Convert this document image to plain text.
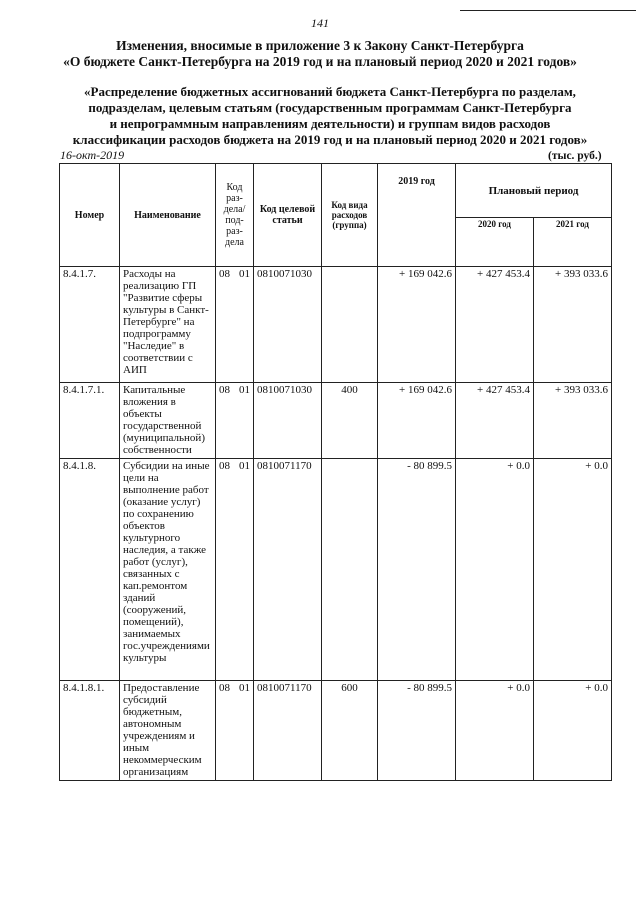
141
Изменения, вносимые в приложение 3 к Закону Санкт-Петербурга
«О бюджете Санкт-Петербурга на 2019 год и на плановый период 2020 и 2021 годов»
«Распределение бюджетных ассигнований бюджета Санкт-Петербурга по разделам,
подразделам, целевым статьям (государственным программам Санкт-Петербурга
и непрограммным направлениям деятельности) и группам видов расходов
классификации расходов бюджета на 2019 год и на плановый период 2020 и 2021 годов»
16-окт-2019	(тыс. руб.)
Номер	Наименование	Код раз- дела/ под- раз- дела	Код целевой статьи	Код вида расходов (группа)	2019 год	Плановый период	
						2020 год	2021 год
8.4.1.7.	Расходы на реализацию ГП "Развитие сферы культуры в Санкт-Петербурге" на подпрограмму "Наследие" в соответствии с АИП	08 01	0810071030		+ 169 042.6	+ 427 453.4	+ 393 033.6
8.4.1.7.1.	Капитальные вложения в объекты государственной (муниципальной) собственности	08 01	0810071030	400	+ 169 042.6	+ 427 453.4	+ 393 033.6
8.4.1.8.	Субсидии на иные цели на выполнение работ (оказание услуг) по сохранению объектов культурного наследия, а также работ (услуг), связанных с кап.ремонтом зданий (сооружений, помещений), занимаемых гос.учреждениями культуры	08 01	0810071170		- 80 899.5	+ 0.0	+ 0.0
8.4.1.8.1.	Предоставление субсидий бюджетным, автономным учреждениям и иным некоммерческим организациям	08 01	0810071170	600	- 80 899.5	+ 0.0	+ 0.0
